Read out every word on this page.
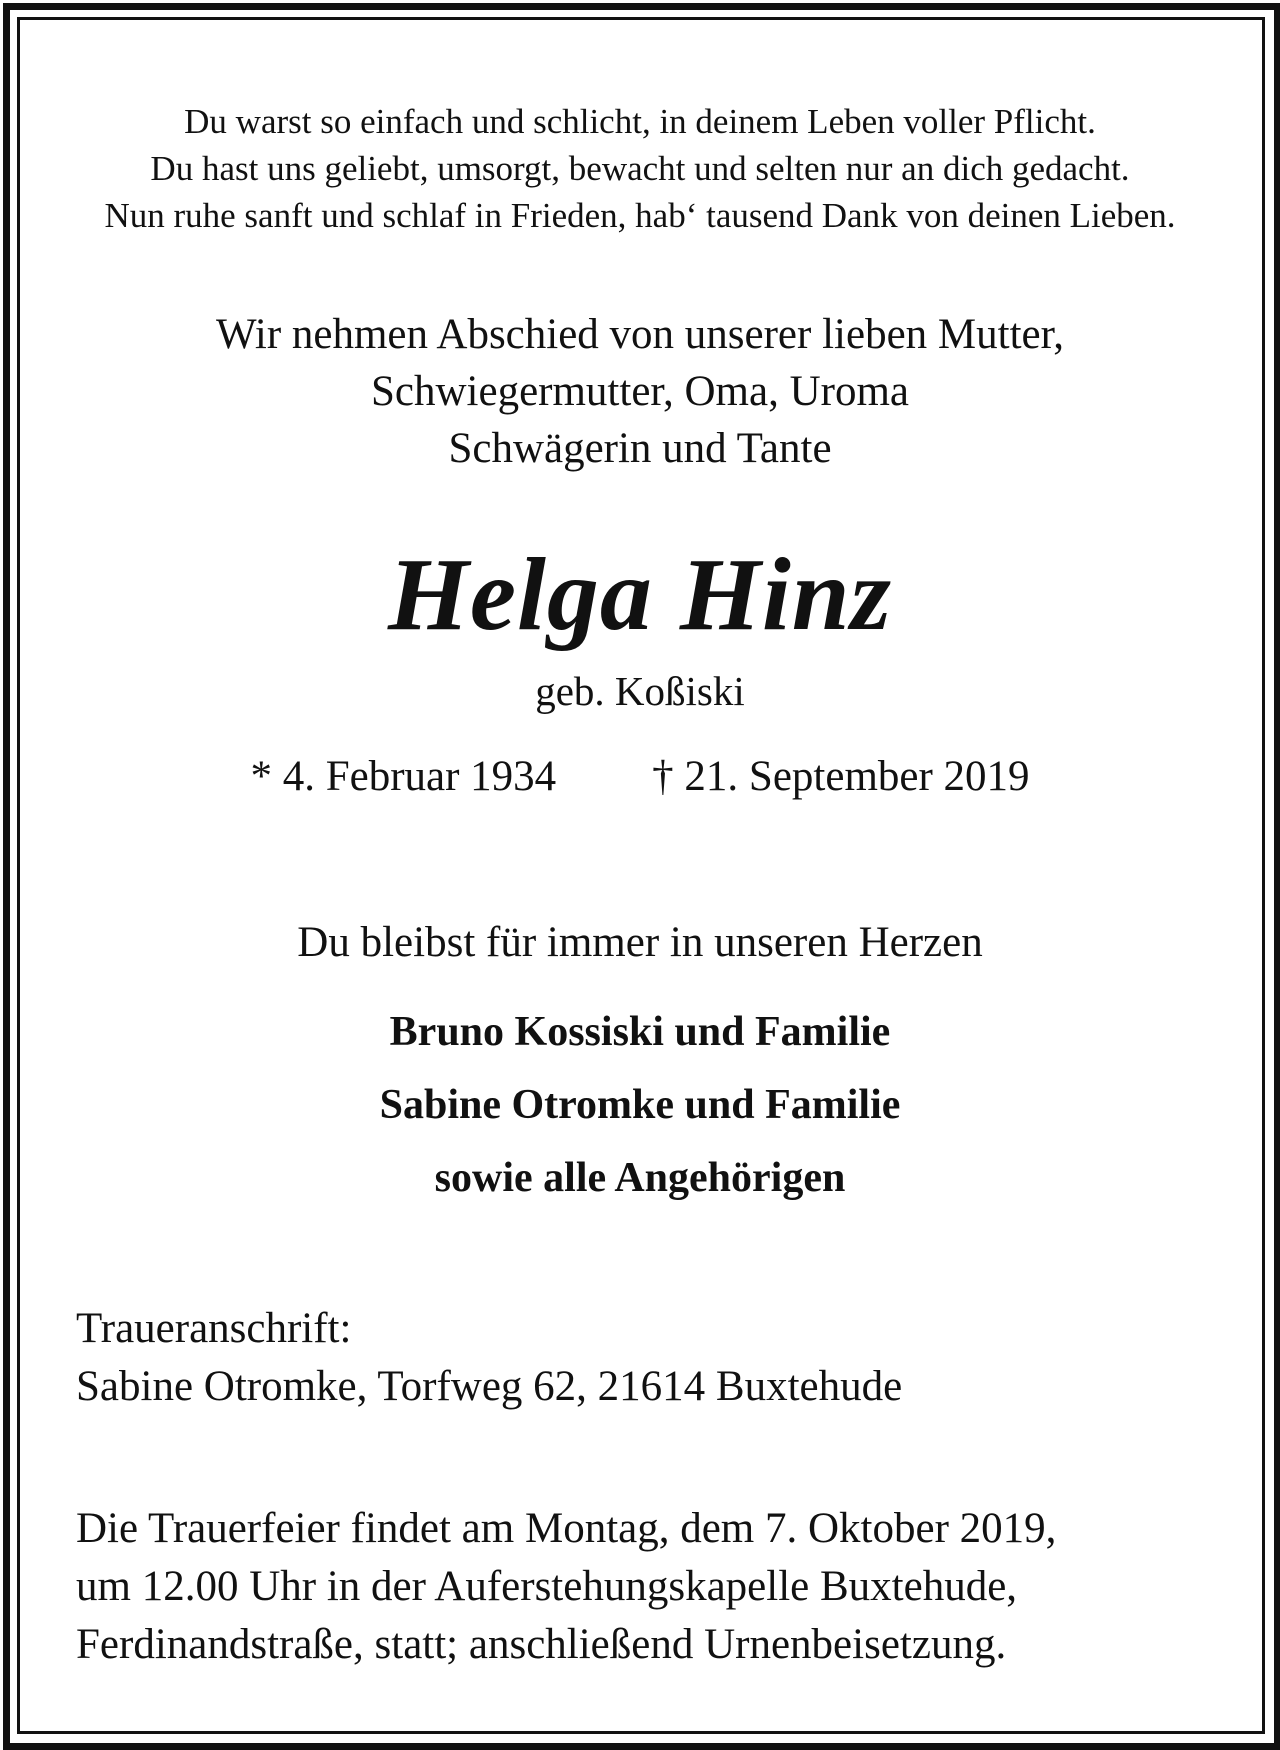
Du warst so einfach und schlicht, in deinem Leben voller Pflicht.
Du hast uns geliebt, umsorgt, bewacht und selten nur an dich gedacht.
Nun ruhe sanft und schlaf in Frieden, hab‘ tausend Dank von deinen Lieben.
Wir nehmen Abschied von unserer lieben Mutter,
Schwiegermutter, Oma, Uroma
Schwägerin und Tante
Helga Hinz
geb. Koßiski
* 4. Februar 1934 † 21. September 2019
Du bleibst für immer in unseren Herzen
Bruno Kossiski und Familie
Sabine Otromke und Familie
sowie alle Angehörigen
Traueranschrift:
Sabine Otromke, Torfweg 62, 21614 Buxtehude
Die Trauerfeier findet am Montag, dem 7. Oktober 2019,
um 12.00 Uhr in der Auferstehungskapelle Buxtehude,
Ferdinandstraße, statt; anschließend Urnenbeisetzung.
